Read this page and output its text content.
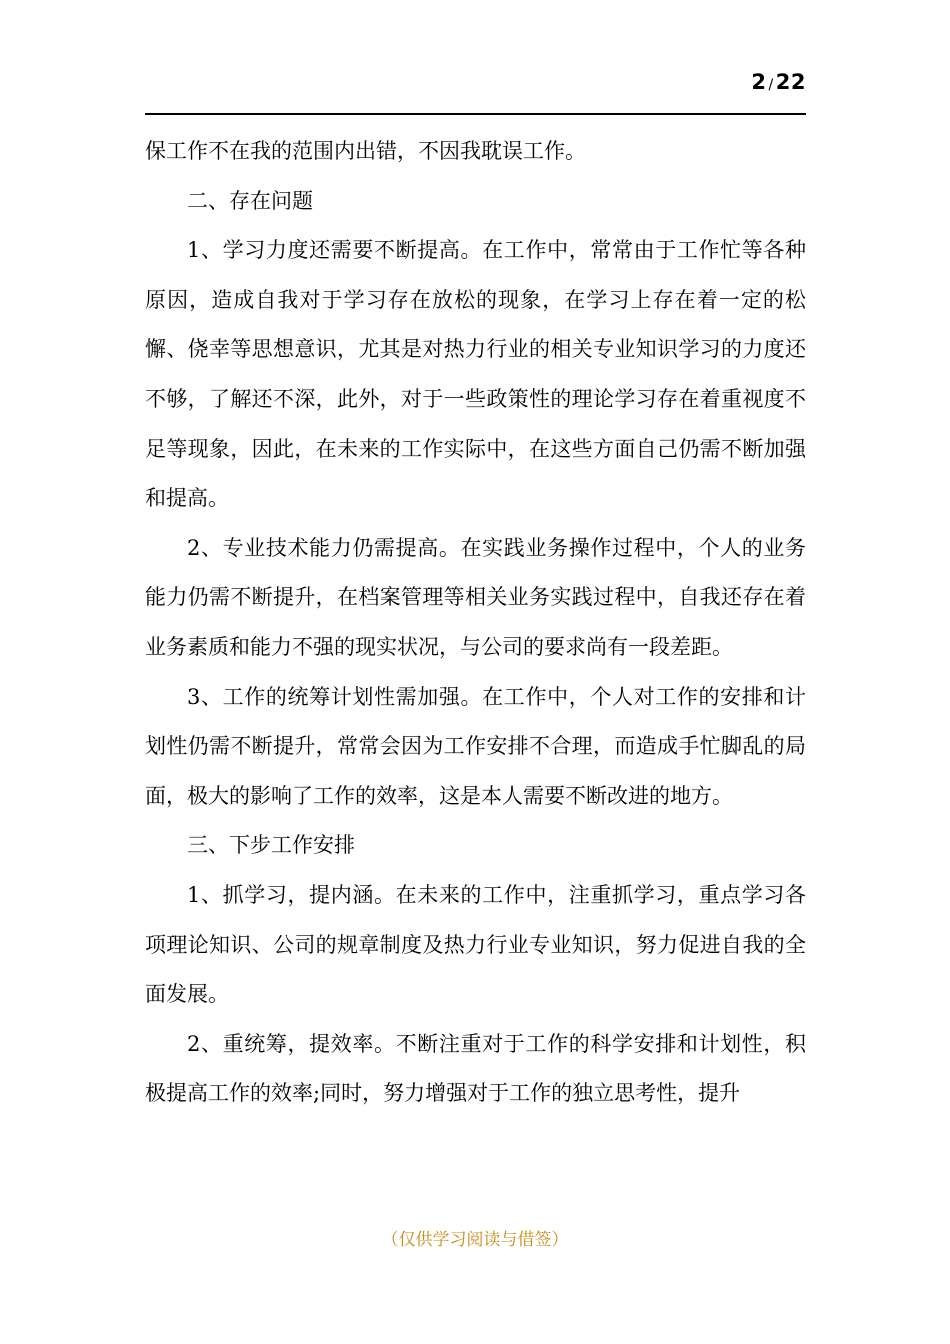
2 /22

保工作不在我的范围内出错，不因我耽误工作。

二、存在问题

1、学习力度还需要不断提高。在工作中，常常由于工作忙等各种原因，造成自我对于学习存在放松的现象，在学习上存在着一定的松懈、侥幸等思想意识，尤其是对热力行业的相关专业知识学习的力度还不够，了解还不深，此外，对于一些政策性的理论学习存在着重视度不足等现象，因此，在未来的工作实际中，在这些方面自己仍需不断加强和提高。

2、专业技术能力仍需提高。在实践业务操作过程中，个人的业务能力仍需不断提升，在档案管理等相关业务实践过程中，自我还存在着业务素质和能力不强的现实状况，与公司的要求尚有一段差距。

3、工作的统筹计划性需加强。在工作中，个人对工作的安排和计划性仍需不断提升，常常会因为工作安排不合理，而造成手忙脚乱的局面，极大的影响了工作的效率，这是本人需要不断改进的地方。

三、下步工作安排

1、抓学习，提内涵。在未来的工作中，注重抓学习，重点学习各项理论知识、公司的规章制度及热力行业专业知识，努力促进自我的全面发展。

2、重统筹，提效率。不断注重对于工作的科学安排和计划性，积极提高工作的效率;同时，努力增强对于工作的独立思考性，提升

（仅供学习阅读与借签）
